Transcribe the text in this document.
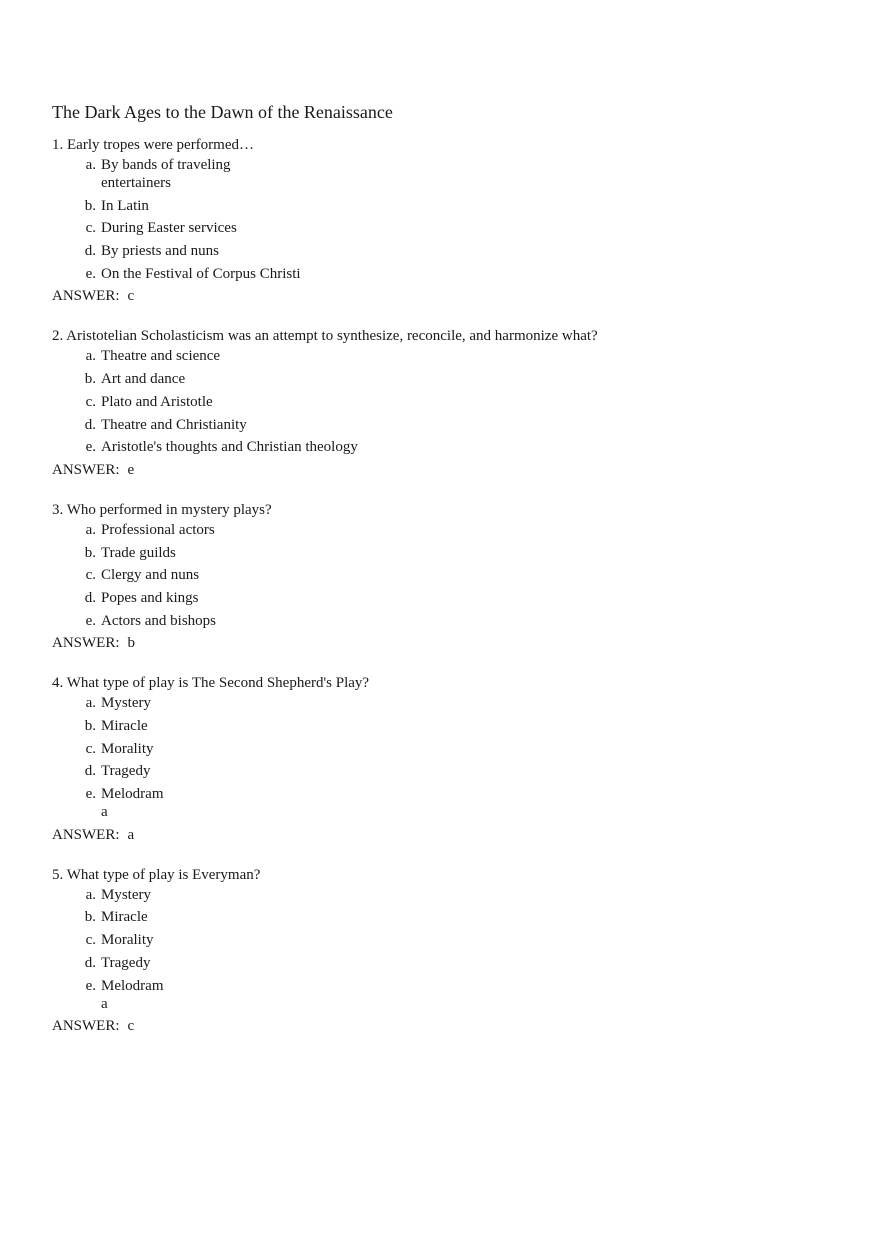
The Dark Ages to the Dawn of the Renaissance
1. Early tropes were performed…
a. By bands of traveling
entertainers
b. In Latin
c. During Easter services
d. By priests and nuns
e. On the Festival of Corpus Christi
ANSWER: c
2. Aristotelian Scholasticism was an attempt to synthesize, reconcile, and harmonize what?
a. Theatre and science
b. Art and dance
c. Plato and Aristotle
d. Theatre and Christianity
e. Aristotle's thoughts and Christian theology
ANSWER: e
3. Who performed in mystery plays?
a. Professional actors
b. Trade guilds
c. Clergy and nuns
d. Popes and kings
e. Actors and bishops
ANSWER: b
4. What type of play is The Second Shepherd's Play?
a. Mystery
b. Miracle
c. Morality
d. Tragedy
e. Melodram
a
ANSWER: a
5. What type of play is Everyman?
a. Mystery
b. Miracle
c. Morality
d. Tragedy
e. Melodram
a
ANSWER: c
